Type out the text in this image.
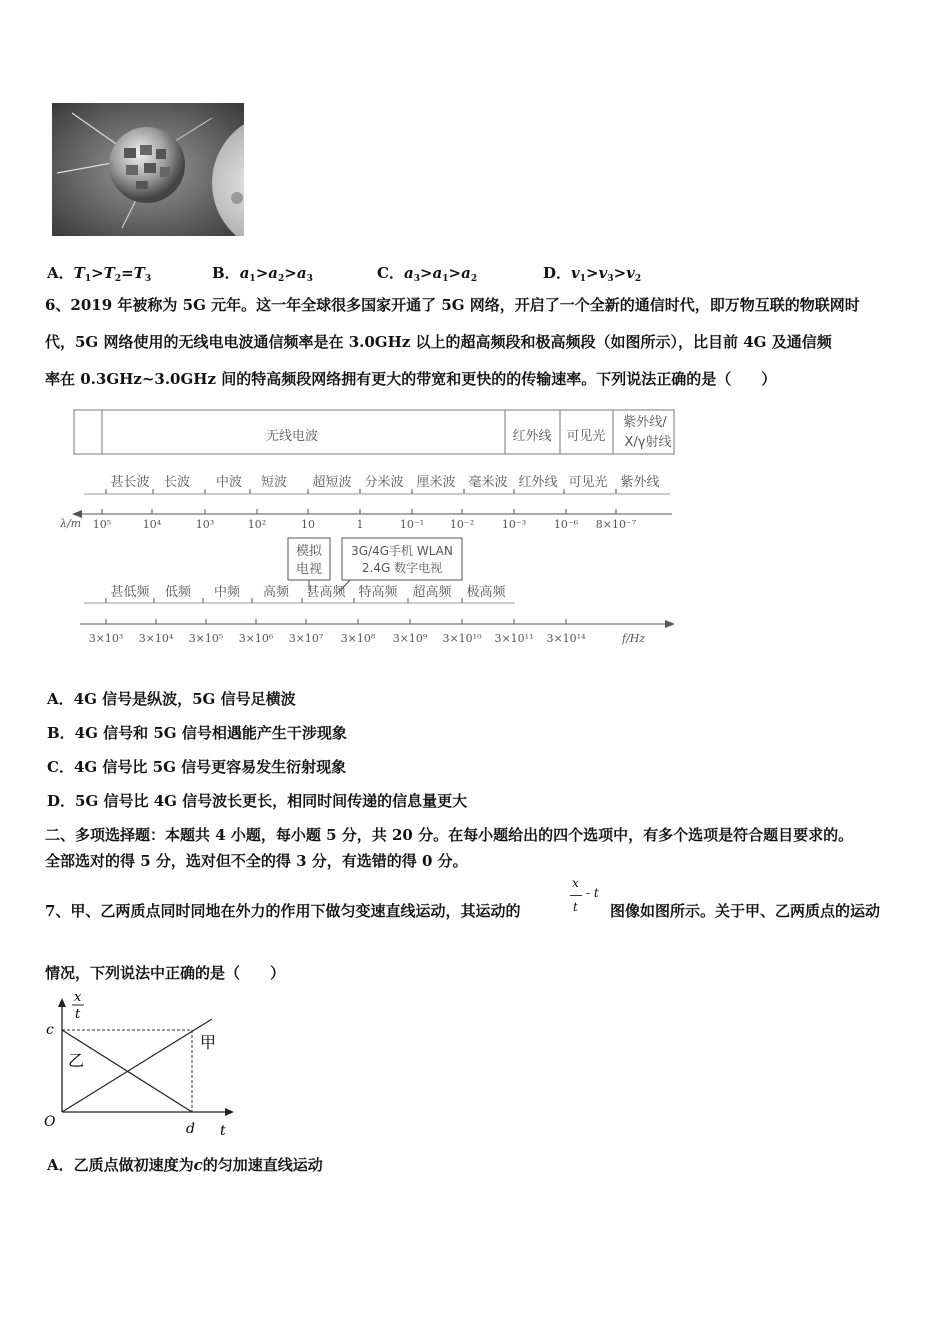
A．$T_1>T_2=T_3$	B．$a_1>a_2>a_3$	C．$a_3>a_1>a_2$	D．$v_1>v_3>v_2$
6、2019 年被称为 5G 元年。这一年全球很多国家开通了 5G 网络，开启了一个全新的通信时代，即万物互联的物联网时
代，5G 网络使用的无线电电波通信频率是在 3.0GHz 以上的超高频段和极高频段（如图所示），比目前 4G 及通信频
率在 0.3GHz~3.0GHz 间的特高频段网络拥有更大的带宽和更快的的传输速率。下列说法正确的是（　　）
无线电波	红外线 可见光
紫外线/
X/γ射线
甚长波 长波 中波 短波 超短波 分米波 厘米波 毫米波 红外线 可见光 紫外线
λ/m 10⁵	10⁴	10³	10²	10	1	10⁻¹ 10⁻²	10⁻³	10⁻⁶ 8×10⁻⁷
模拟
电视
3G/4G手机 WLAN
2.4G 数字电视
甚低频 低频 中频 高频 甚高频 特高频 超高频 极高频
3×10³ 3×10⁴ 3×10⁵ 3×10⁶ 3×10⁷ 3×10⁸ 3×10⁹ 3×10¹⁰ 3×10¹¹ 3×10¹⁴	f/Hz
A．4G 信号是纵波，5G 信号足横波
B．4G 信号和 5G 信号相遇能产生干涉现象
C．4G 信号比 5G 信号更容易发生衍射现象
D．5G 信号比 4G 信号波长更长，相同时间传递的信息量更大
二、多项选择题：本题共 4 小题，每小题 5 分，共 20 分。在每小题给出的四个选项中，有多个选项是符合题目要求的。
全部选对的得 5 分，选对但不全的得 3 分，有选错的得 0 分。
7、甲、乙两质点同时同地在外力的作用下做匀变速直线运动，其运动的
x
t
- t
图像如图所示。关于甲、乙两质点的运动
情况，下列说法中正确的是（　　）
x
t
c
O	d t
甲
乙
A．乙质点做初速度为c的匀加速直线运动
